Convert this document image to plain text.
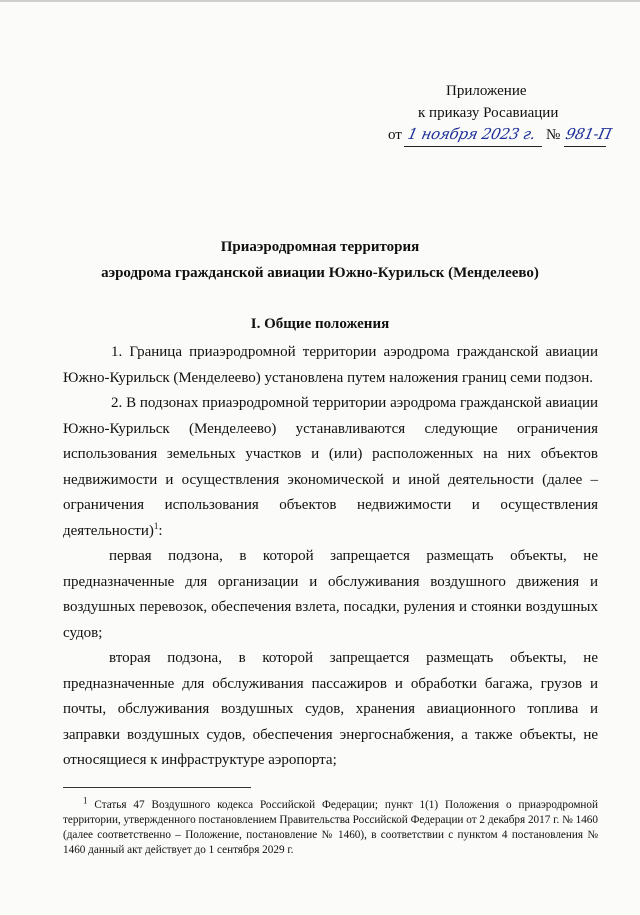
Приложение
к приказу Росавиации
от 1 ноября 2023 г. № 981-П
Приаэродромная территория
аэродрома гражданской авиации Южно-Курильск (Менделеево)
I. Общие положения

1. Граница приаэродромной территории аэродрома гражданской авиации Южно-Курильск (Менделеево) установлена путем наложения границ семи подзон.

2. В подзонах приаэродромной территории аэродрома гражданской авиации Южно-Курильск (Менделеево) устанавливаются следующие ограничения использования земельных участков и (или) расположенных на них объектов недвижимости и осуществления экономической и иной деятельности (далее – ограничения использования объектов недвижимости и осуществления деятельности)$^1$:

первая подзона, в которой запрещается размещать объекты, не предназначенные для организации и обслуживания воздушного движения и воздушных перевозок, обеспечения взлета, посадки, руления и стоянки воздушных судов;

вторая подзона, в которой запрещается размещать объекты, не предназначенные для обслуживания пассажиров и обработки багажа, грузов и почты, обслуживания воздушных судов, хранения авиационного топлива и заправки воздушных судов, обеспечения энергоснабжения, а также объекты, не относящиеся к инфраструктуре аэропорта;

$^1$ Статья 47 Воздушного кодекса Российской Федерации; пункт 1(1) Положения о приаэродромной территории, утвержденного постановлением Правительства Российской Федерации от 2 декабря 2017 г. № 1460 (далее соответственно – Положение, постановление № 1460), в соответствии с пунктом 4 постановления № 1460 данный акт действует до 1 сентября 2029 г.
